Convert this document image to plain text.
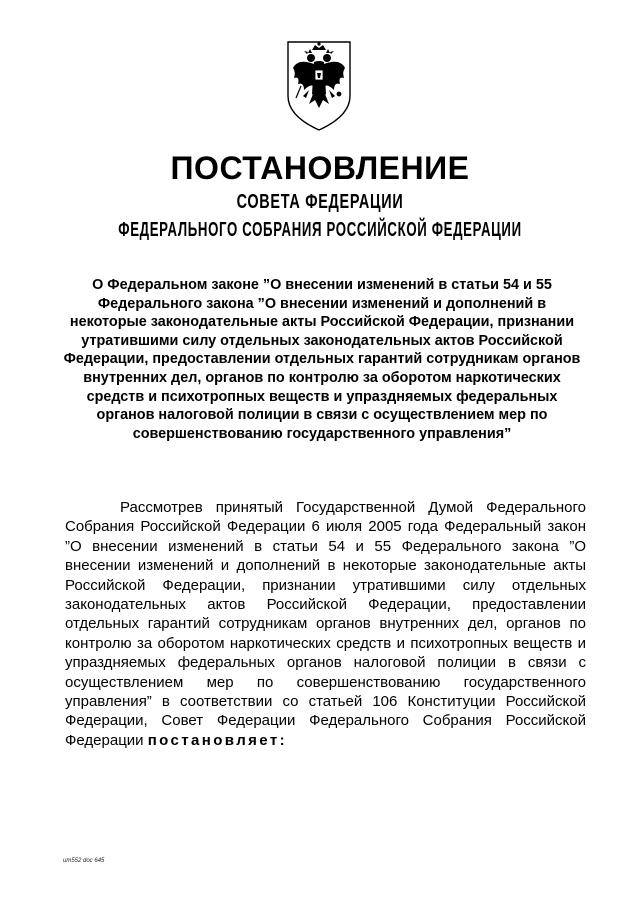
ПОСТАНОВЛЕНИЕ
СОВЕТА ФЕДЕРАЦИИ
ФЕДЕРАЛЬНОГО СОБРАНИЯ РОССИЙСКОЙ ФЕДЕРАЦИИ
О Федеральном законе ”О внесении изменений в статьи 54 и 55 Федерального закона ”О внесении изменений и дополнений в некоторые законодательные акты Российской Федерации, признании утратившими силу отдельных законодательных актов Российской Федерации, предоставлении отдельных гарантий сотрудникам органов внутренних дел, органов по контролю за оборотом наркотических средств и психотропных веществ и упраздняемых федеральных органов налоговой полиции в связи с осуществлением мер по совершенствованию государственного управления”
Рассмотрев принятый Государственной Думой Федерального Собрания Российской Федерации 6 июля 2005 года Федеральный закон ”О внесении изменений в статьи 54 и 55 Федерального закона ”О внесении изменений и дополнений в некоторые законодательные акты Российской Федерации, признании утратившими силу отдельных законодательных актов Российской Федерации, предоставлении отдельных гарантий сотрудникам органов внутренних дел, органов по контролю за оборотом наркотических средств и психотропных веществ и упраздняемых федеральных органов налоговой полиции в связи с осуществлением мер по совершенствованию государственного управления” в соответствии со статьей 106 Конституции Российской Федерации, Совет Федерации Федерального Собрания Российской Федерации постановляет:
ит552 doc 645
